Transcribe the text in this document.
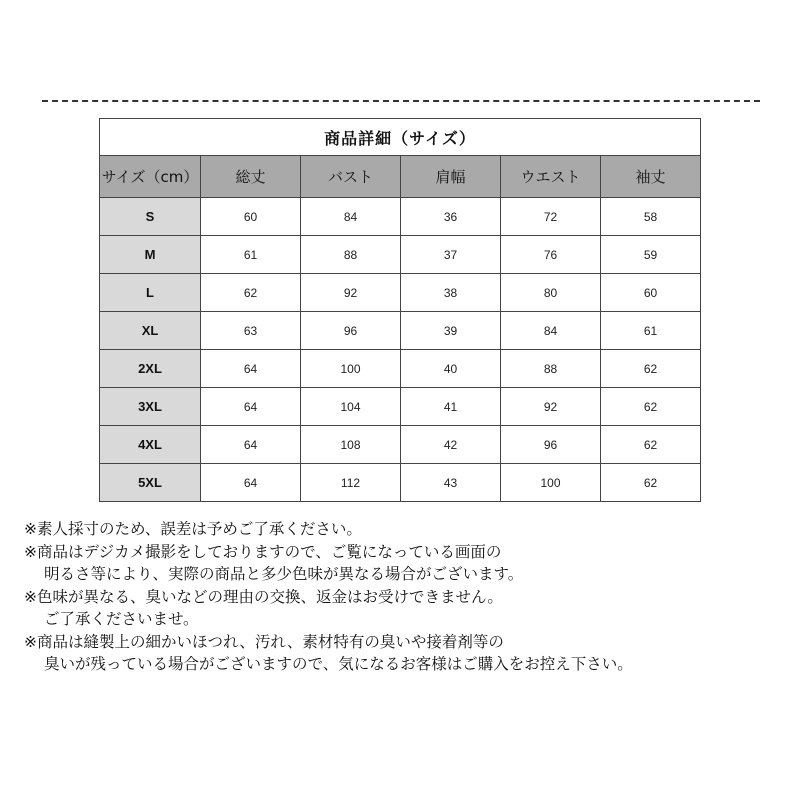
商品詳細（サイズ）					
サイズ（cm）	総丈	バスト	肩幅	ウエスト	袖丈
S	60	84	36	72	58
M	61	88	37	76	59
L	62	92	38	80	60
XL	63	96	39	84	61
2XL	64	100	40	88	62
3XL	64	104	41	92	62
4XL	64	108	42	96	62
5XL	64	112	43	100	62
※素人採寸のため、誤差は予めご了承ください。
※商品はデジカメ撮影をしておりますので、ご覧になっている画面の
明るさ等により、実際の商品と多少色味が異なる場合がございます。
※色味が異なる、臭いなどの理由の交換、返金はお受けできません。
ご了承くださいませ。
※商品は縫製上の細かいほつれ、汚れ、素材特有の臭いや接着剤等の
臭いが残っている場合がございますので、気になるお客様はご購入をお控え下さい。
